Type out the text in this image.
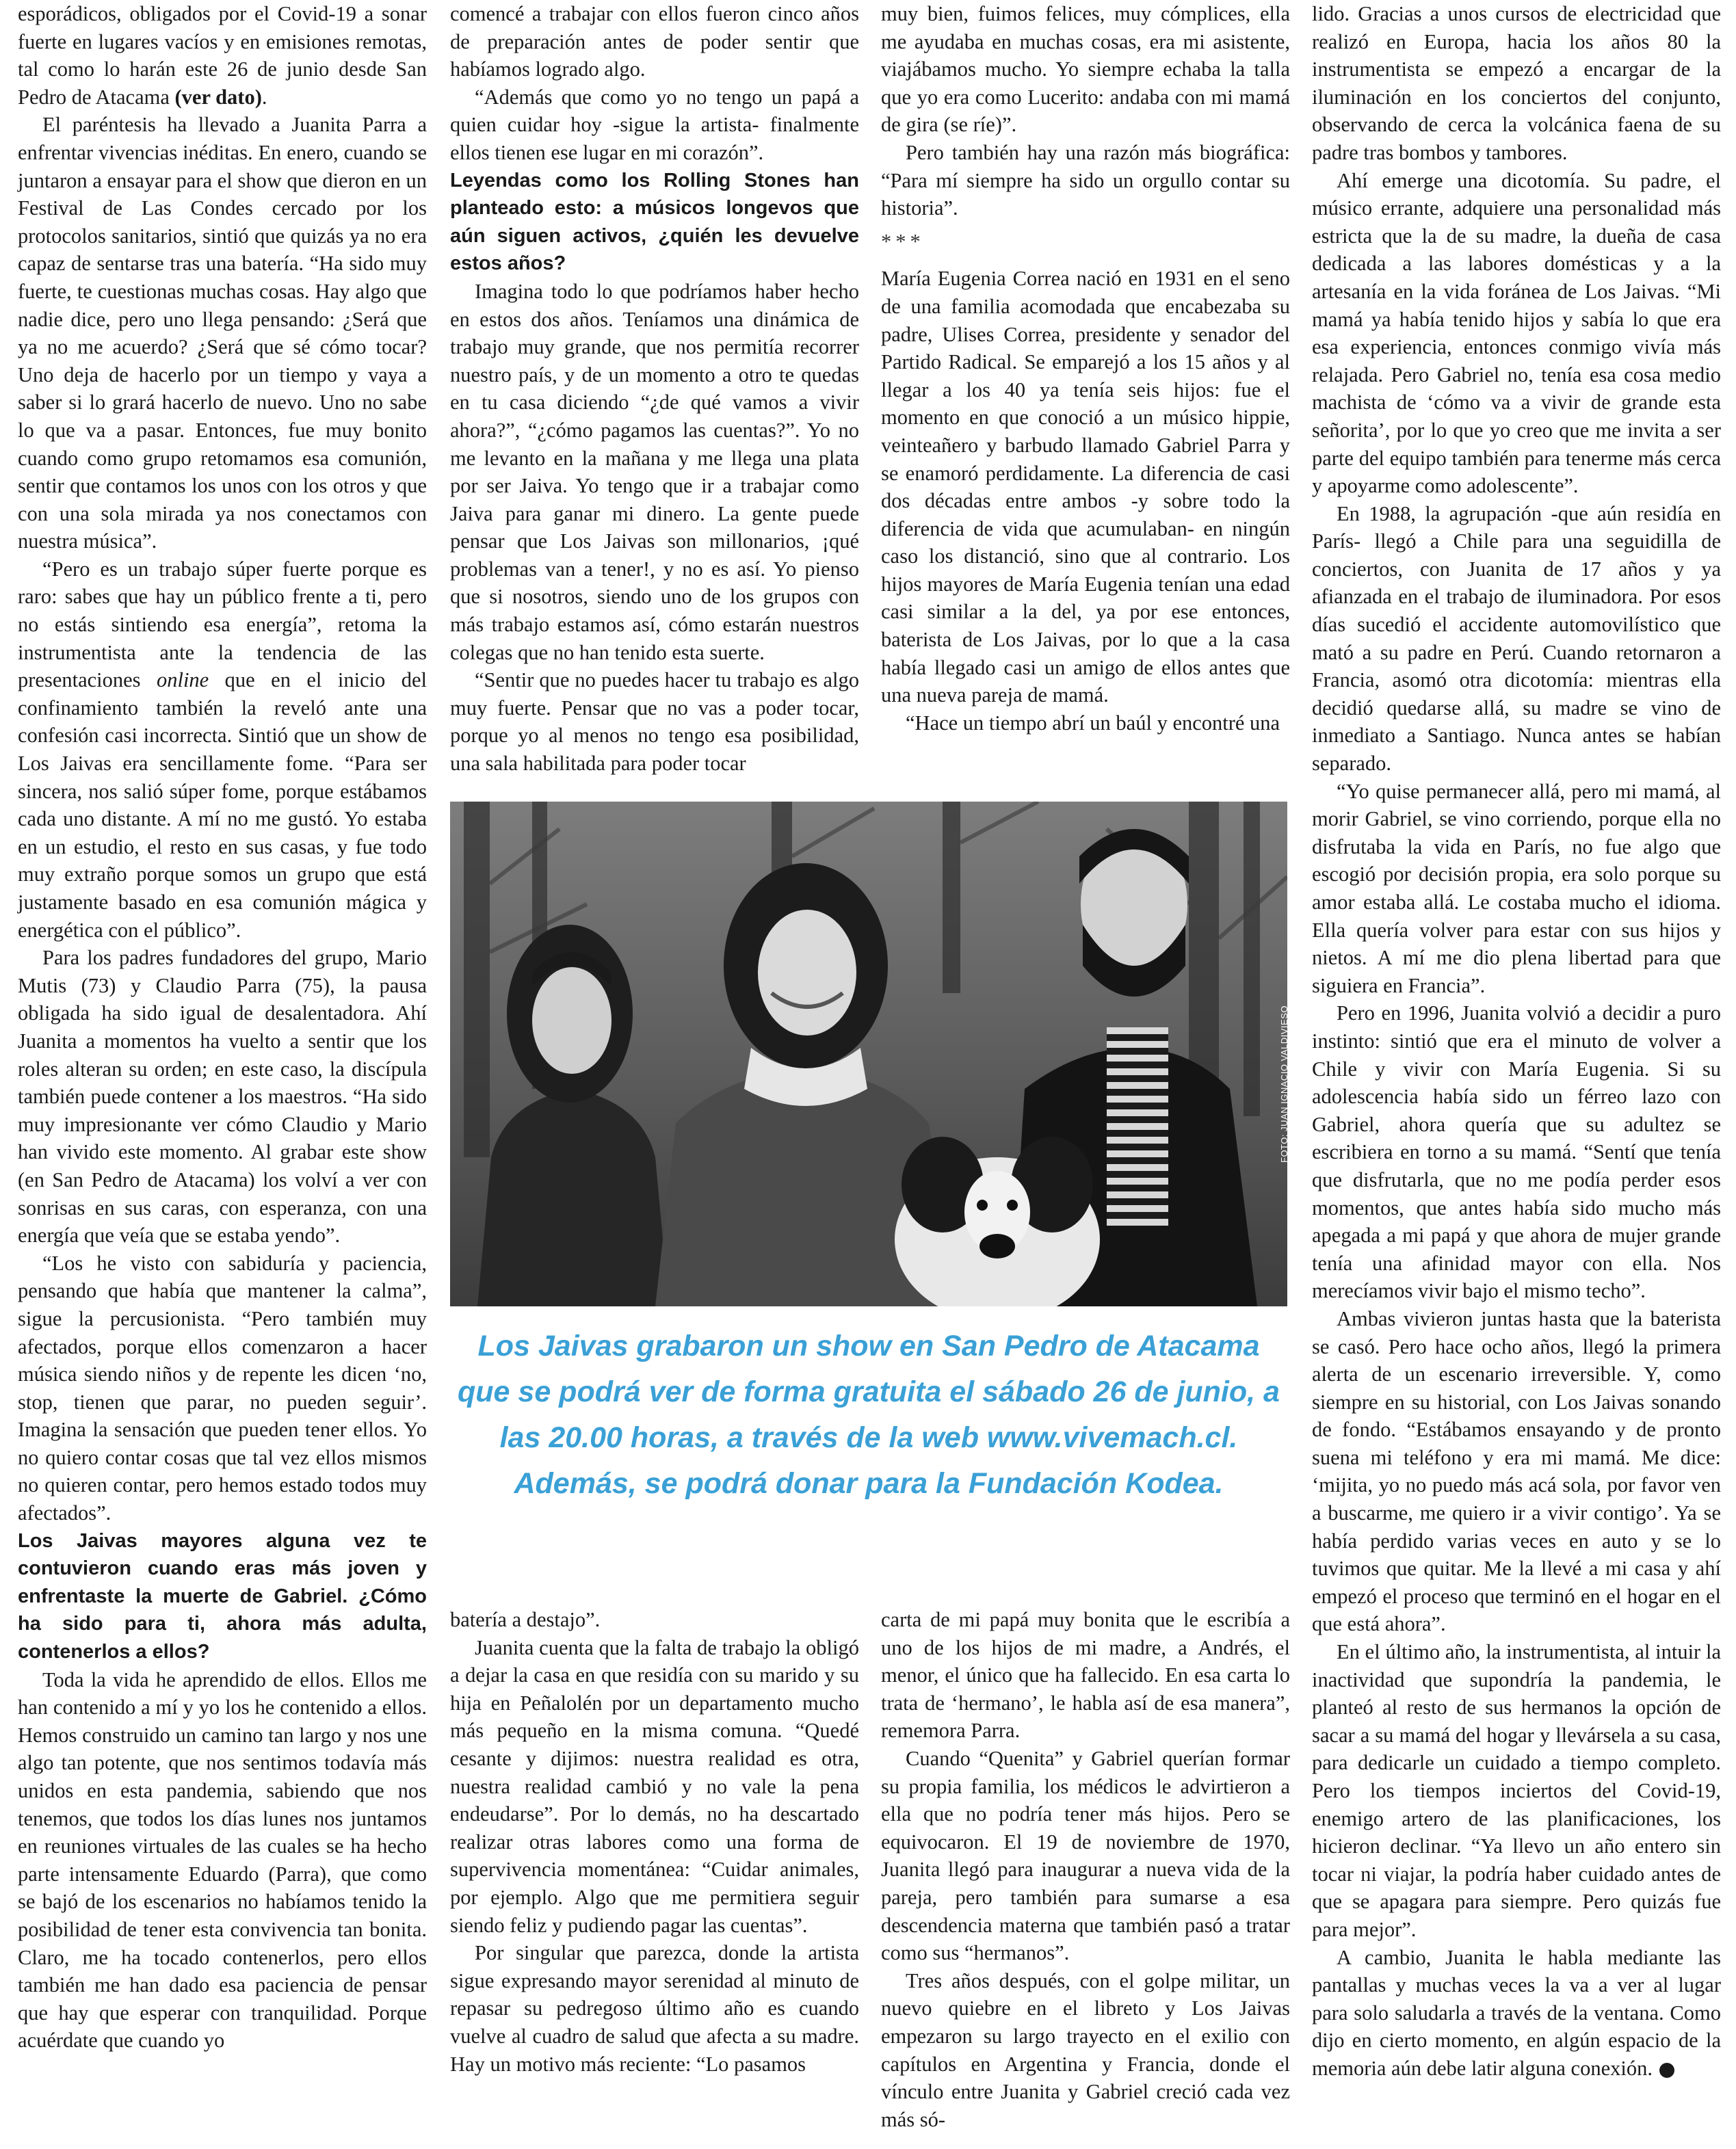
esporádicos, obligados por el Covid-19 a sonar fuerte en lugares vacíos y en emisiones remotas, tal como lo harán este 26 de junio desde San Pedro de Atacama (ver dato).

El paréntesis ha llevado a Juanita Parra a enfrentar vivencias inéditas. En enero, cuando se juntaron a ensayar para el show que dieron en un Festival de Las Condes cercado por los protocolos sanitarios, sintió que quizás ya no era capaz de sentarse tras una batería. “Ha sido muy fuerte, te cuestionas muchas cosas. Hay algo que nadie dice, pero uno llega pensando: ¿Será que ya no me acuerdo? ¿Será que sé cómo tocar? Uno deja de hacerlo por un tiempo y vaya a saber si lo grará hacerlo de nuevo. Uno no sabe lo que va a pasar. Entonces, fue muy bonito cuando como grupo retomamos esa comunión, sentir que contamos los unos con los otros y que con una sola mirada ya nos conectamos con nuestra música”.

“Pero es un trabajo súper fuerte porque es raro: sabes que hay un público frente a ti, pero no estás sintiendo esa energía”, retoma la instrumentista ante la tendencia de las presentaciones online que en el inicio del confinamiento también la reveló ante una confesión casi incorrecta. Sintió que un show de Los Jaivas era sencillamente fome. “Para ser sincera, nos salió súper fome, porque estábamos cada uno distante. A mí no me gustó. Yo estaba en un estudio, el resto en sus casas, y fue todo muy extraño porque somos un grupo que está justamente basado en esa comunión mágica y energética con el público”.

Para los padres fundadores del grupo, Mario Mutis (73) y Claudio Parra (75), la pausa obligada ha sido igual de desalentadora. Ahí Juanita a momentos ha vuelto a sentir que los roles alteran su orden; en este caso, la discípula también puede contener a los maestros. “Ha sido muy impresionante ver cómo Claudio y Mario han vivido este momento. Al grabar este show (en San Pedro de Atacama) los volví a ver con sonrisas en sus caras, con esperanza, con una energía que veía que se estaba yendo”.

“Los he visto con sabiduría y paciencia, pensando que había que mantener la calma”, sigue la percusionista. “Pero también muy afectados, porque ellos comenzaron a hacer música siendo niños y de repente les dicen ‘no, stop, tienen que parar, no pueden seguir’. Imagina la sensación que pueden tener ellos. Yo no quiero contar cosas que tal vez ellos mismos no quieren contar, pero hemos estado todos muy afectados”.

Los Jaivas mayores alguna vez te contuvieron cuando eras más joven y enfrentaste la muerte de Gabriel. ¿Cómo ha sido para ti, ahora más adulta, contenerlos a ellos?

Toda la vida he aprendido de ellos. Ellos me han contenido a mí y yo los he contenido a ellos. Hemos construido un camino tan largo y nos une algo tan potente, que nos sentimos todavía más unidos en esta pandemia, sabiendo que nos tenemos, que todos los días lunes nos juntamos en reuniones virtuales de las cuales se ha hecho parte intensamente Eduardo (Parra), que como se bajó de los escenarios no habíamos tenido la posibilidad de tener esta convivencia tan bonita. Claro, me ha tocado contenerlos, pero ellos también me han dado esa paciencia de pensar que hay que esperar con tranquilidad. Porque acuérdate que cuando yo

comencé a trabajar con ellos fueron cinco años de preparación antes de poder sentir que habíamos logrado algo.

“Además que como yo no tengo un papá a quien cuidar hoy -sigue la artista- finalmente ellos tienen ese lugar en mi corazón”.

Leyendas como los Rolling Stones han planteado esto: a músicos longevos que aún siguen activos, ¿quién les devuelve estos años?

Imagina todo lo que podríamos haber hecho en estos dos años. Teníamos una dinámica de trabajo muy grande, que nos permitía recorrer nuestro país, y de un momento a otro te quedas en tu casa diciendo “¿de qué vamos a vivir ahora?”, “¿cómo pagamos las cuentas?”. Yo no me levanto en la mañana y me llega una plata por ser Jaiva. Yo tengo que ir a trabajar como Jaiva para ganar mi dinero. La gente puede pensar que Los Jaivas son millonarios, ¡qué problemas van a tener!, y no es así. Yo pienso que si nosotros, siendo uno de los grupos con más trabajo estamos así, cómo estarán nuestros colegas que no han tenido esta suerte.

“Sentir que no puedes hacer tu trabajo es algo muy fuerte. Pensar que no vas a poder tocar, porque yo al menos no tengo esa posibilidad, una sala habilitada para poder tocar

muy bien, fuimos felices, muy cómplices, ella me ayudaba en muchas cosas, era mi asistente, viajábamos mucho. Yo siempre echaba la talla que yo era como Lucerito: andaba con mi mamá de gira (se ríe)”.

Pero también hay una razón más biográfica: “Para mí siempre ha sido un orgullo contar su historia”.

***

María Eugenia Correa nació en 1931 en el seno de una familia acomodada que encabezaba su padre, Ulises Correa, presidente y senador del Partido Radical. Se emparejó a los 15 años y al llegar a los 40 ya tenía seis hijos: fue el momento en que conoció a un músico hippie, veinteañero y barbudo llamado Gabriel Parra y se enamoró perdidamente. La diferencia de casi dos décadas entre ambos -y sobre todo la diferencia de vida que acumulaban- en ningún caso los distanció, sino que al contrario. Los hijos mayores de María Eugenia tenían una edad casi similar a la del, ya por ese entonces, baterista de Los Jaivas, por lo que a la casa había llegado casi un amigo de ellos antes que una nueva pareja de mamá.

“Hace un tiempo abrí un baúl y encontré una

FOTO: JUAN IGNACIO VALDIVIESO
Los Jaivas grabaron un show en San Pedro de Atacama que se podrá ver de forma gratuita el sábado 26 de junio, a las 20.00 horas, a través de la web www.vivemach.cl. Además, se podrá donar para la Fundación Kodea.

batería a destajo”.

Juanita cuenta que la falta de trabajo la obligó a dejar la casa en que residía con su marido y su hija en Peñalolén por un departamento mucho más pequeño en la misma comuna. “Quedé cesante y dijimos: nuestra realidad es otra, nuestra realidad cambió y no vale la pena endeudarse”. Por lo demás, no ha descartado realizar otras labores como una forma de supervivencia momentánea: “Cuidar animales, por ejemplo. Algo que me permitiera seguir siendo feliz y pudiendo pagar las cuentas”.

Por singular que parezca, donde la artista sigue expresando mayor serenidad al minuto de repasar su pedregoso último año es cuando vuelve al cuadro de salud que afecta a su madre. Hay un motivo más reciente: “Lo pasamos

carta de mi papá muy bonita que le escribía a uno de los hijos de mi madre, a Andrés, el menor, el único que ha fallecido. En esa carta lo trata de ‘hermano’, le habla así de esa manera”, rememora Parra.

Cuando “Quenita” y Gabriel querían formar su propia familia, los médicos le advirtieron a ella que no podría tener más hijos. Pero se equivocaron. El 19 de noviembre de 1970, Juanita llegó para inaugurar a nueva vida de la pareja, pero también para sumarse a esa descendencia materna que también pasó a tratar como sus “hermanos”.

Tres años después, con el golpe militar, un nuevo quiebre en el libreto y Los Jaivas empezaron su largo trayecto en el exilio con capítulos en Argentina y Francia, donde el vínculo entre Juanita y Gabriel creció cada vez más só-

lido. Gracias a unos cursos de electricidad que realizó en Europa, hacia los años 80 la instrumentista se empezó a encargar de la iluminación en los conciertos del conjunto, observando de cerca la volcánica faena de su padre tras bombos y tambores.

Ahí emerge una dicotomía. Su padre, el músico errante, adquiere una personalidad más estricta que la de su madre, la dueña de casa dedicada a las labores domésticas y a la artesanía en la vida foránea de Los Jaivas. “Mi mamá ya había tenido hijos y sabía lo que era esa experiencia, entonces conmigo vivía más relajada. Pero Gabriel no, tenía esa cosa medio machista de ‘cómo va a vivir de grande esta señorita’, por lo que yo creo que me invita a ser parte del equipo también para tenerme más cerca y apoyarme como adolescente”.

En 1988, la agrupación -que aún residía en París- llegó a Chile para una seguidilla de conciertos, con Juanita de 17 años y ya afianzada en el trabajo de iluminadora. Por esos días sucedió el accidente automovilístico que mató a su padre en Perú. Cuando retornaron a Francia, asomó otra dicotomía: mientras ella decidió quedarse allá, su madre se vino de inmediato a Santiago. Nunca antes se habían separado.

“Yo quise permanecer allá, pero mi mamá, al morir Gabriel, se vino corriendo, porque ella no disfrutaba la vida en París, no fue algo que escogió por decisión propia, era solo porque su amor estaba allá. Le costaba mucho el idioma. Ella quería volver para estar con sus hijos y nietos. A mí me dio plena libertad para que siguiera en Francia”.

Pero en 1996, Juanita volvió a decidir a puro instinto: sintió que era el minuto de volver a Chile y vivir con María Eugenia. Si su adolescencia había sido un férreo lazo con Gabriel, ahora quería que su adultez se escribiera en torno a su mamá. “Sentí que tenía que disfrutarla, que no me podía perder esos momentos, que antes había sido mucho más apegada a mi papá y que ahora de mujer grande tenía una afinidad mayor con ella. Nos merecíamos vivir bajo el mismo techo”.

Ambas vivieron juntas hasta que la baterista se casó. Pero hace ocho años, llegó la primera alerta de un escenario irreversible. Y, como siempre en su historial, con Los Jaivas sonando de fondo. “Estábamos ensayando y de pronto suena mi teléfono y era mi mamá. Me dice: ‘mijita, yo no puedo más acá sola, por favor ven a buscarme, me quiero ir a vivir contigo’. Ya se había perdido varias veces en auto y se lo tuvimos que quitar. Me la llevé a mi casa y ahí empezó el proceso que terminó en el hogar en el que está ahora”.

En el último año, la instrumentista, al intuir la inactividad que supondría la pandemia, le planteó al resto de sus hermanos la opción de sacar a su mamá del hogar y llevársela a su casa, para dedicarle un cuidado a tiempo completo. Pero los tiempos inciertos del Covid-19, enemigo artero de las planificaciones, los hicieron declinar. “Ya llevo un año entero sin tocar ni viajar, la podría haber cuidado antes de que se apagara para siempre. Pero quizás fue para mejor”.

A cambio, Juanita le habla mediante las pantallas y muchas veces la va a ver al lugar para solo saludarla a través de la ventana. Como dijo en cierto momento, en algún espacio de la memoria aún debe latir alguna conexión.	D
